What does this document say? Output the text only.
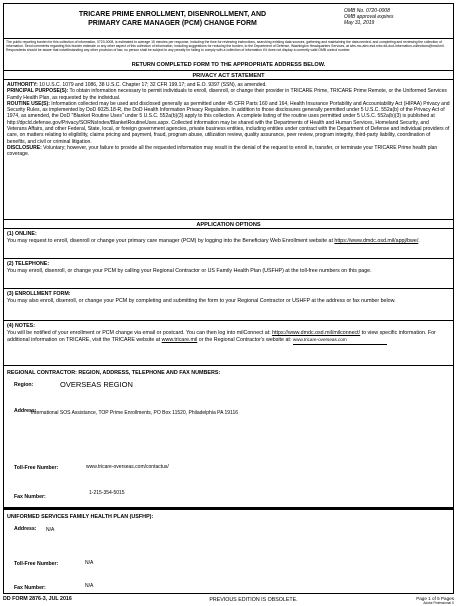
TRICARE PRIME ENROLLMENT, DISENROLLMENT, AND
PRIMARY CARE MANAGER (PCM) CHANGE FORM
OMB No. 0720-0008
OMB approval expires
May 31, 2019
The public reporting burden for this collection of information, 0720-0008, is estimated to average 15 minutes per response, including the time for reviewing instructions, searching existing data sources, gathering and maintaining the data needed, and completing and reviewing the collection of information. Send comments regarding this burden estimate or any other aspect of this collection of information, including suggestions for reducing the burden, to the Department of Defense, Washington Headquarters Services, at whs.mc-alex.esd.mbx.dd-dod-information-collections@mail.mil. Respondents should be aware that notwithstanding any other provision of law, no person shall be subject to any penalty for failing to comply with a collection of information if it does not display a currently valid OMB control number.
RETURN COMPLETED FORM TO THE APPROPRIATE ADDRESS BELOW.
PRIVACY ACT STATEMENT
AUTHORITY: 10 U.S.C. 1079 and 1086, 38 U.S.C. Chapter 17; 32 CFR 199.17; and E.O. 9397 (SSN), as amended.
PRINCIPAL PURPOSE(S): To obtain information necessary to permit individuals to enroll, disenroll, or change their provider in TRICARE Prime, TRICARE Prime Remote, or the Uniformed Services Family Health Plan, as requested by the individual.
ROUTINE USE(S): Information collected may be used and disclosed generally as permitted under 45 CFR Parts 160 and 164, Health Insurance Portability and Accountability Act (HIPAA) Privacy and Security Rules, as implemented by DoD 6025.18-R, the DoD Health Information Privacy Regulation. In addition to those disclosures generally permitted under 5 U.S.C. 552a(b) of the Privacy Act of 1974, as amended, the DoD "Blanket Routine Uses" under 5 U.S.C. 552a(b)(3) apply to this collection. A complete listing of the routine uses permitted under 5 U.S.C. 552a(b)(3) is published at http://dpcld.defense.gov/Privacy/SORNsIndex/BlanketRoutineUses.aspx. Collected information may be shared with the Departments of Health and Human Services, Homeland Security, and Veterans Affairs, and other Federal, State, local, or foreign government agencies, private business entities, including entities under contract with the Department of Defense and individual providers of care, on matters relating to eligibility, claims pricing and payment, fraud, program abuse, utilization review, quality assurance, peer review, program integrity, third-party liability, coordination of benefits, and civil or criminal litigation.
DISCLOSURE: Voluntary; however, your failure to provide all the requested information may result in the denial of the request to enroll in, transfer, or terminate your TRICARE Prime health plan coverage.
APPLICATION OPTIONS
(1) ONLINE:
You may request to enroll, disenroll or change your primary care manager (PCM) by logging into the Beneficiary Web Enrollment website at https://www.dmdc.osd.mil/appj/bwe/.
(2) TELEPHONE:
You may enroll, disenroll, or change your PCM by calling your Regional Contractor or US Family Health Plan (USFHP) at the toll-free numbers on this page.
(3) ENROLLMENT FORM:
You may also enroll, disenroll, or change your PCM by completing and submitting the form to your Regional Contractor or USHFP at the address or fax number below.
(4) NOTES:
You will be notified of your enrollment or PCM change via email or postcard. You can then log into milConnect at: https://www.dmdc.osd.mil/milconnect/ to view specific information. For additional information on TRICARE, visit the TRICARE website at www.tricare.mil or the Regional Contractor's website at: www.tricare-overseas.com
REGIONAL CONTRACTOR: REGION, ADDRESS, TELEPHONE AND FAX NUMBERS:
Region:	OVERSEAS REGION
Address:
International SOS Assistance, TOP Prime Enrollments, PO Box 11520, Philadelphia PA 19116
Toll-Free Number:	www.tricare-overseas.com/contactus/
Fax Number:
1-215-354-5015
UNIFORMED SERVICES FAMILY HEALTH PLAN (USFHP):
Address: N/A
Toll-Free Number:	N/A
Fax Number:	N/A
DD FORM 2876-3, JUL 2016	PREVIOUS EDITION IS OBSOLETE.	Page 1 of 5 Pages
Adobe Professional X
